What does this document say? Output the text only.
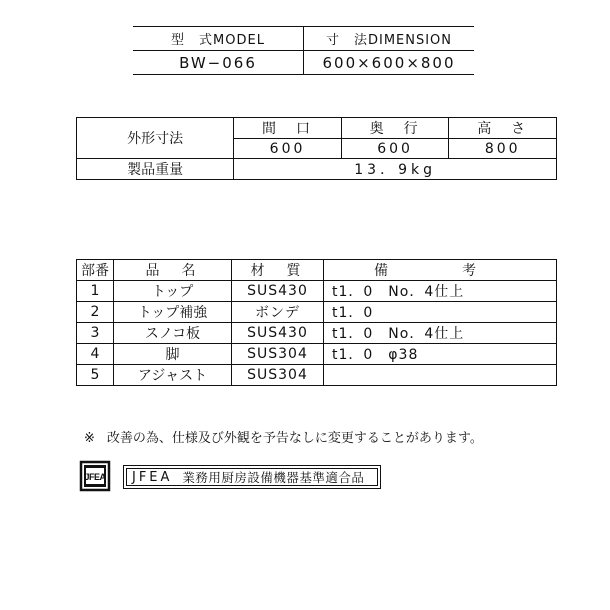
型　式MODEL	寸　法DIMENSION
BW−066	600×600×800
外形寸法	間　口	奥　行	高　さ
	600	600	800
製品重量	13．9kg		
部番	品　名	材　質	備　考
1	トップ	SUS430	t1．0　No．4仕上
2	トップ補強	ボンデ	t1．0
3	スノコ板	SUS430	t1．0　No．4仕上
4	脚	SUS304	t1．0　φ38
5	アジャスト	SUS304	
※ 改善の為、仕様及び外観を予告なしに変更することがあります。
JFEA JFEA 業務用厨房設備機器基準適合品
